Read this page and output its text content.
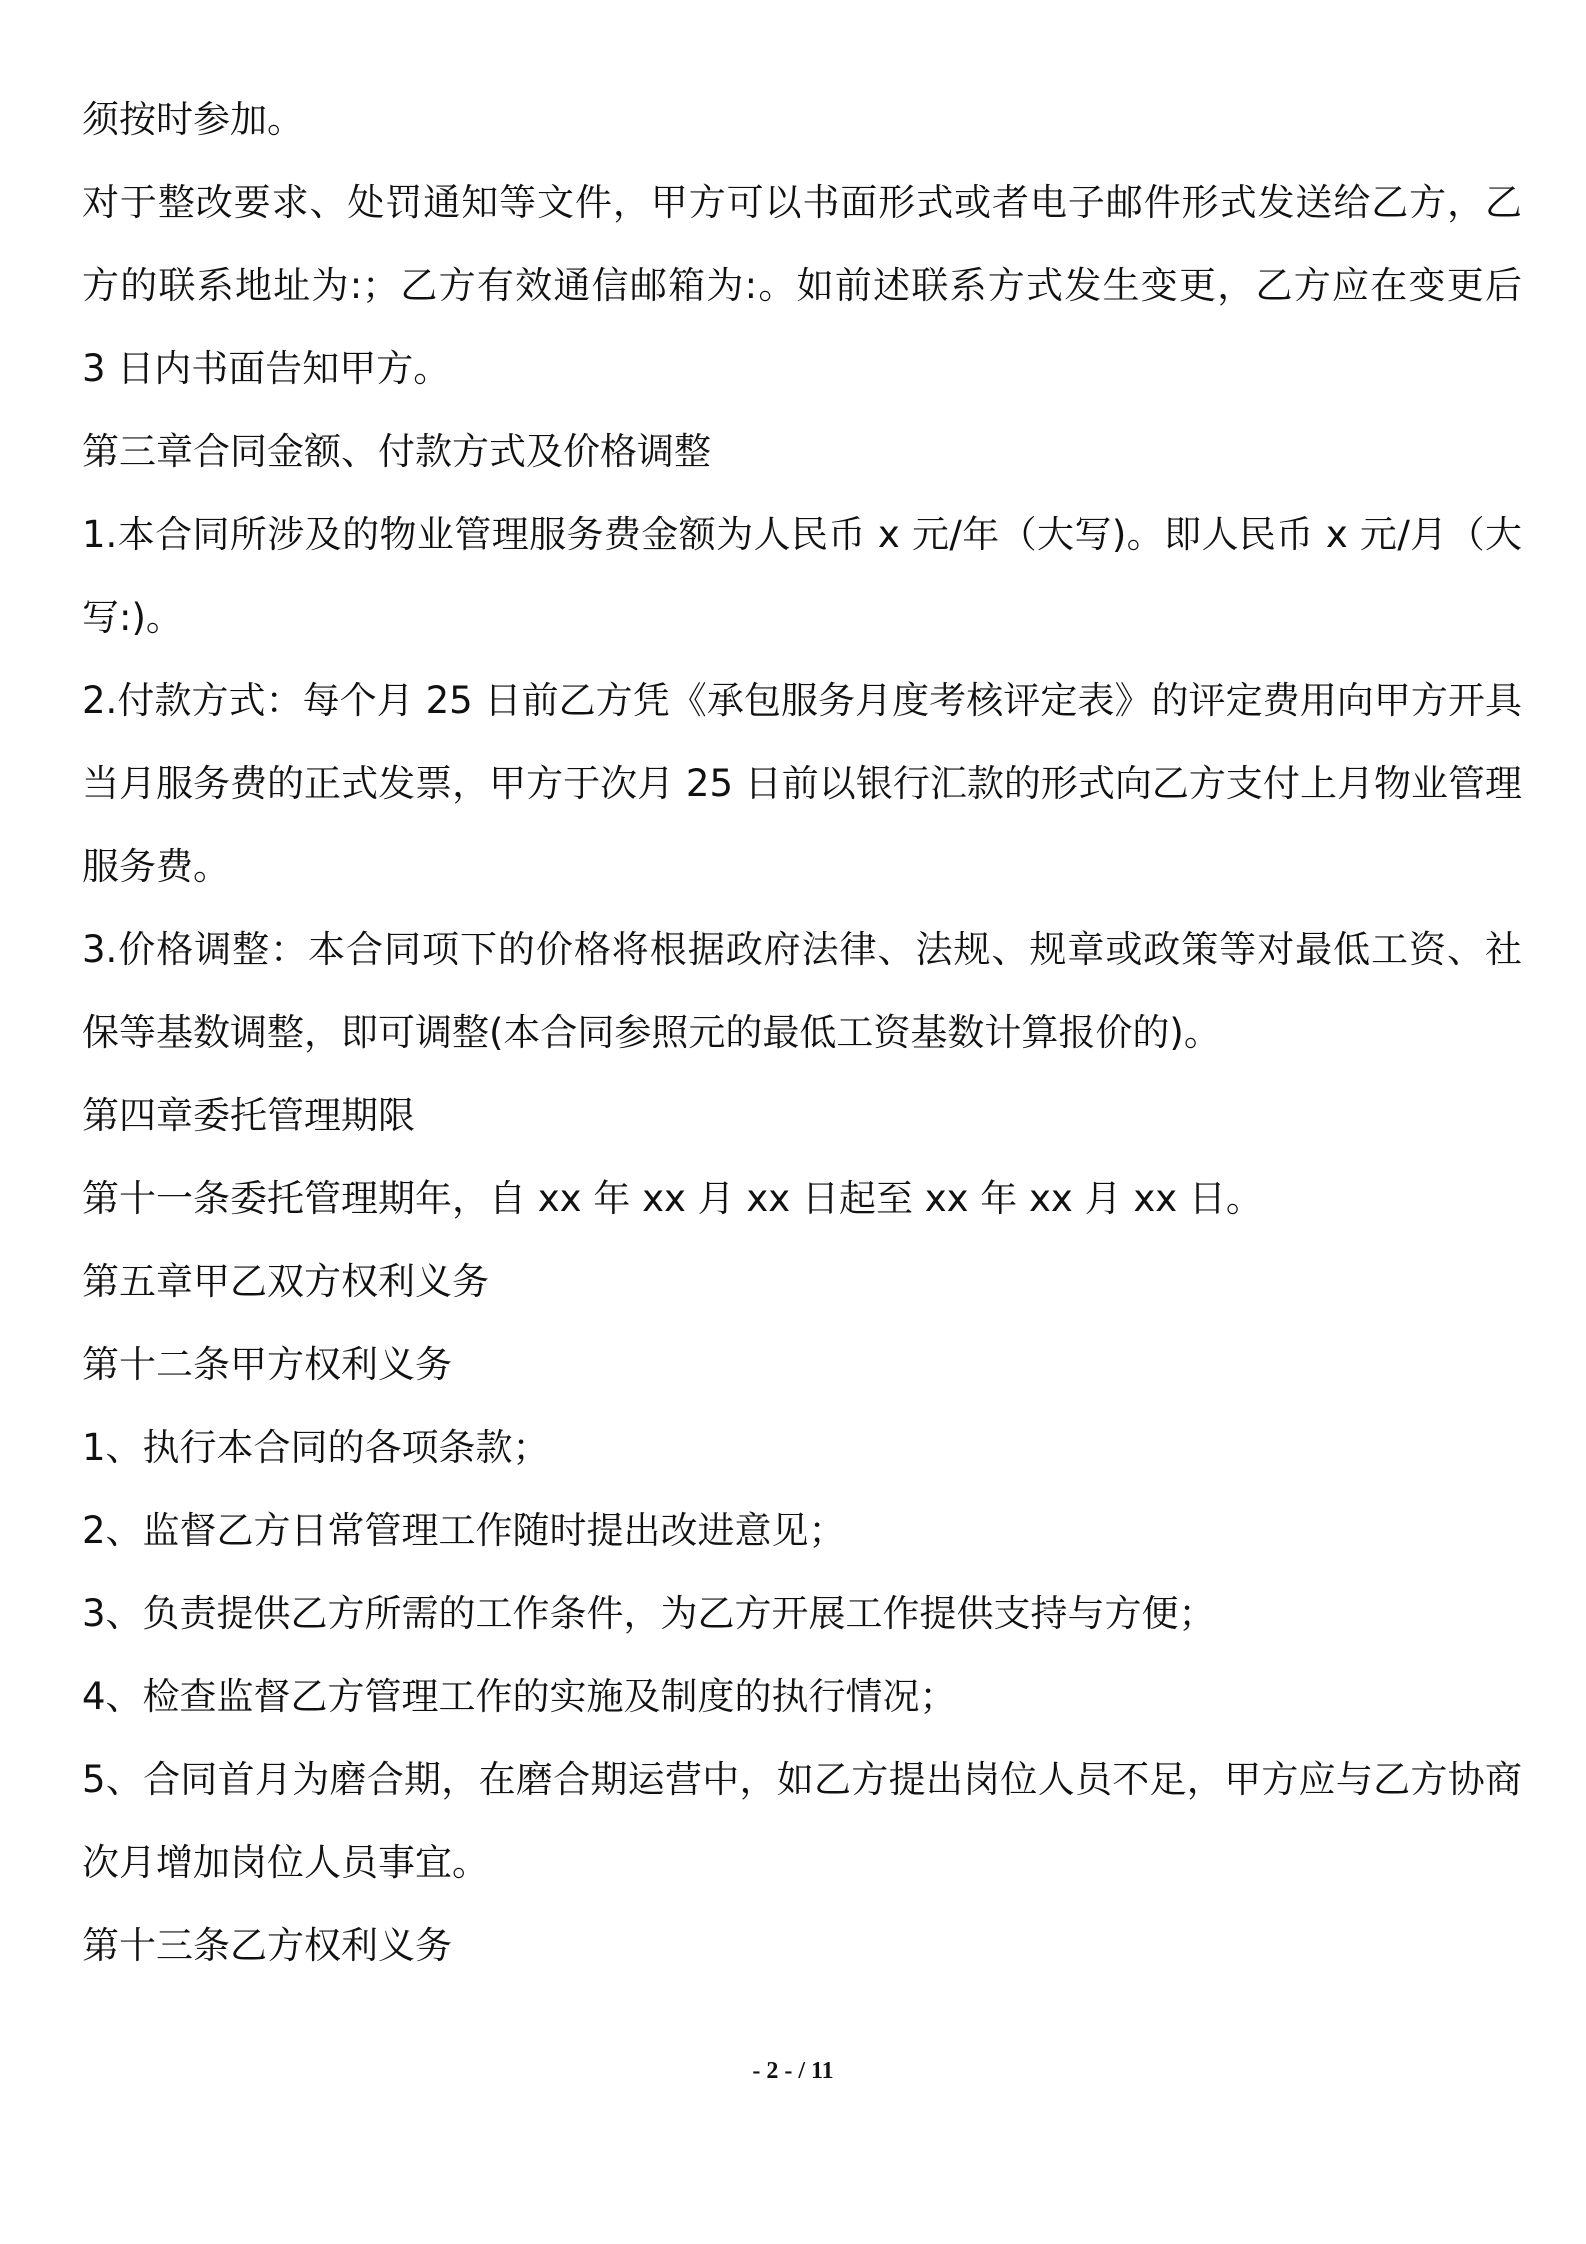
须按时参加。
对于整改要求、处罚通知等文件，甲方可以书面形式或者电子邮件形式发送给乙方，乙
方的联系地址为:；乙方有效通信邮箱为:。如前述联系方式发生变更，乙方应在变更后
3 日内书面告知甲方。
第三章合同金额、付款方式及价格调整
1.本合同所涉及的物业管理服务费金额为人民币 x 元/年（大写)。即人民币 x 元/月（大
写:)。
2.付款方式：每个月 25 日前乙方凭《承包服务月度考核评定表》的评定费用向甲方开具
当月服务费的正式发票，甲方于次月 25 日前以银行汇款的形式向乙方支付上月物业管理
服务费。
3.价格调整：本合同项下的价格将根据政府法律、法规、规章或政策等对最低工资、社
保等基数调整，即可调整(本合同参照元的最低工资基数计算报价的)。
第四章委托管理期限
第十一条委托管理期年，自 xx 年 xx 月 xx 日起至 xx 年 xx 月 xx 日。
第五章甲乙双方权利义务
第十二条甲方权利义务
1、执行本合同的各项条款；
2、监督乙方日常管理工作随时提出改进意见；
3、负责提供乙方所需的工作条件，为乙方开展工作提供支持与方便；
4、检查监督乙方管理工作的实施及制度的执行情况；
5、合同首月为磨合期，在磨合期运营中，如乙方提出岗位人员不足，甲方应与乙方协商
次月增加岗位人员事宜。
第十三条乙方权利义务
- 2 - / 11
